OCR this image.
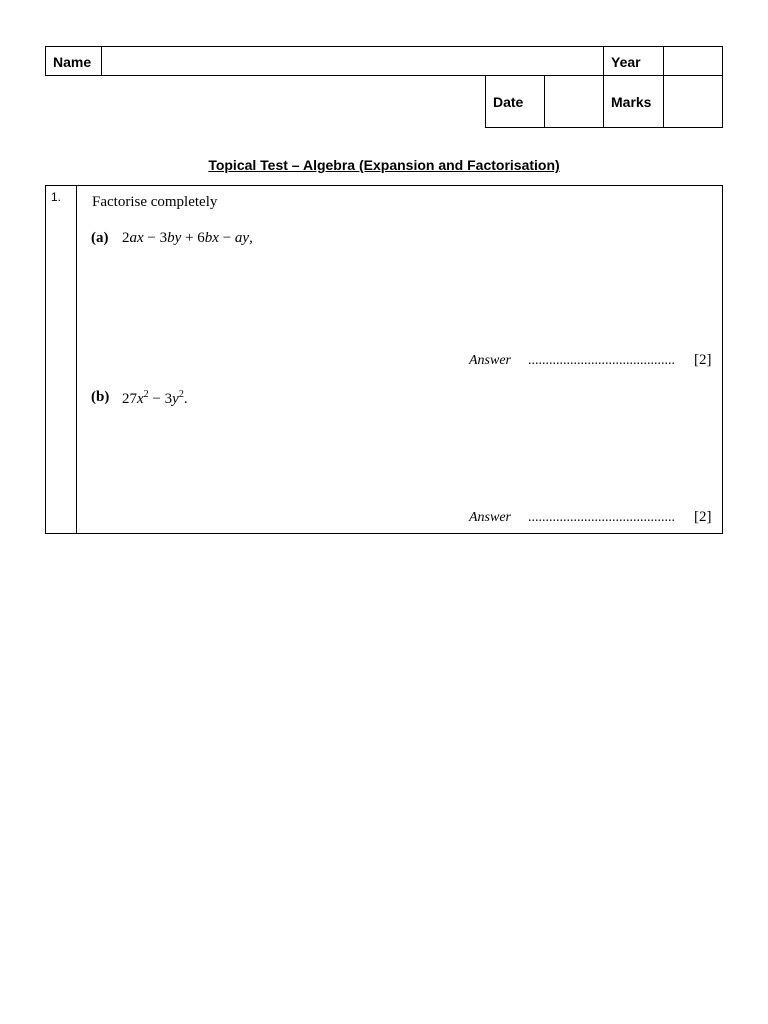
Name	Year
Date	Marks
Topical Test – Algebra (Expansion and Factorisation)
1. Factorise completely
(a) 2ax − 3by + 6bx − ay,
Answer ..........................................	[2]
(b) $27x^2 - 3y^2$.
Answer ..........................................	[2]
